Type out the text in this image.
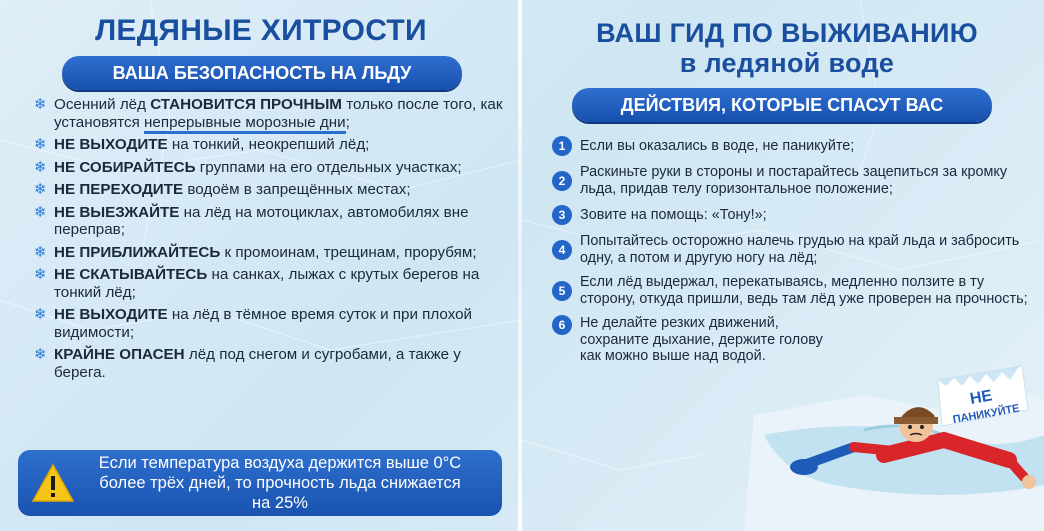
ЛЕДЯНЫЕ ХИТРОСТИ
ВАША БЕЗОПАСНОСТЬ НА ЛЬДУ
❄ Осенний лёд СТАНОВИТСЯ ПРОЧНЫМ только после того, как установятся непрерывные морозные дни;
❄ НЕ ВЫХОДИТЕ на тонкий, неокрепший лёд;
❄ НЕ СОБИРАЙТЕСЬ группами на его отдельных участках;
❄ НЕ ПЕРЕХОДИТЕ водоём в запрещённых местах;
❄ НЕ ВЫЕЗЖАЙТЕ на лёд на мотоциклах, автомобилях вне переправ;
❄ НЕ ПРИБЛИЖАЙТЕСЬ к промоинам, трещинам, прорубям;
❄ НЕ СКАТЫВАЙТЕСЬ на санках, лыжах с крутых берегов на тонкий лёд;
❄ НЕ ВЫХОДИТЕ на лёд в тёмное время суток и при плохой видимости;
❄ КРАЙНЕ ОПАСЕН лёд под снегом и сугробами, а также у берега.
Если температура воздуха держится выше 0°С более трёх дней, то прочность льда снижается на 25%
ВАШ ГИД ПО ВЫЖИВАНИЮ
в ледяной воде
ДЕЙСТВИЯ, КОТОРЫЕ СПАСУТ ВАС
1	Если вы оказались в воде, не паникуйте;
2
Раскиньте руки в стороны и постарайтесь зацепиться за кромку льда, придав телу горизонтальное положение;
3	Зовите на помощь: «Тону!»;
4
Попытайтесь осторожно налечь грудью на край льда и забросить одну, а потом и другую ногу на лёд;
5
Если лёд выдержал, перекатываясь, медленно ползите в ту сторону, откуда пришли, ведь там лёд уже проверен на прочность;
6	Не делайте резких движений, сохраните дыхание, держите голову как можно выше над водой.
НЕ
ПАНИКУЙТЕ
